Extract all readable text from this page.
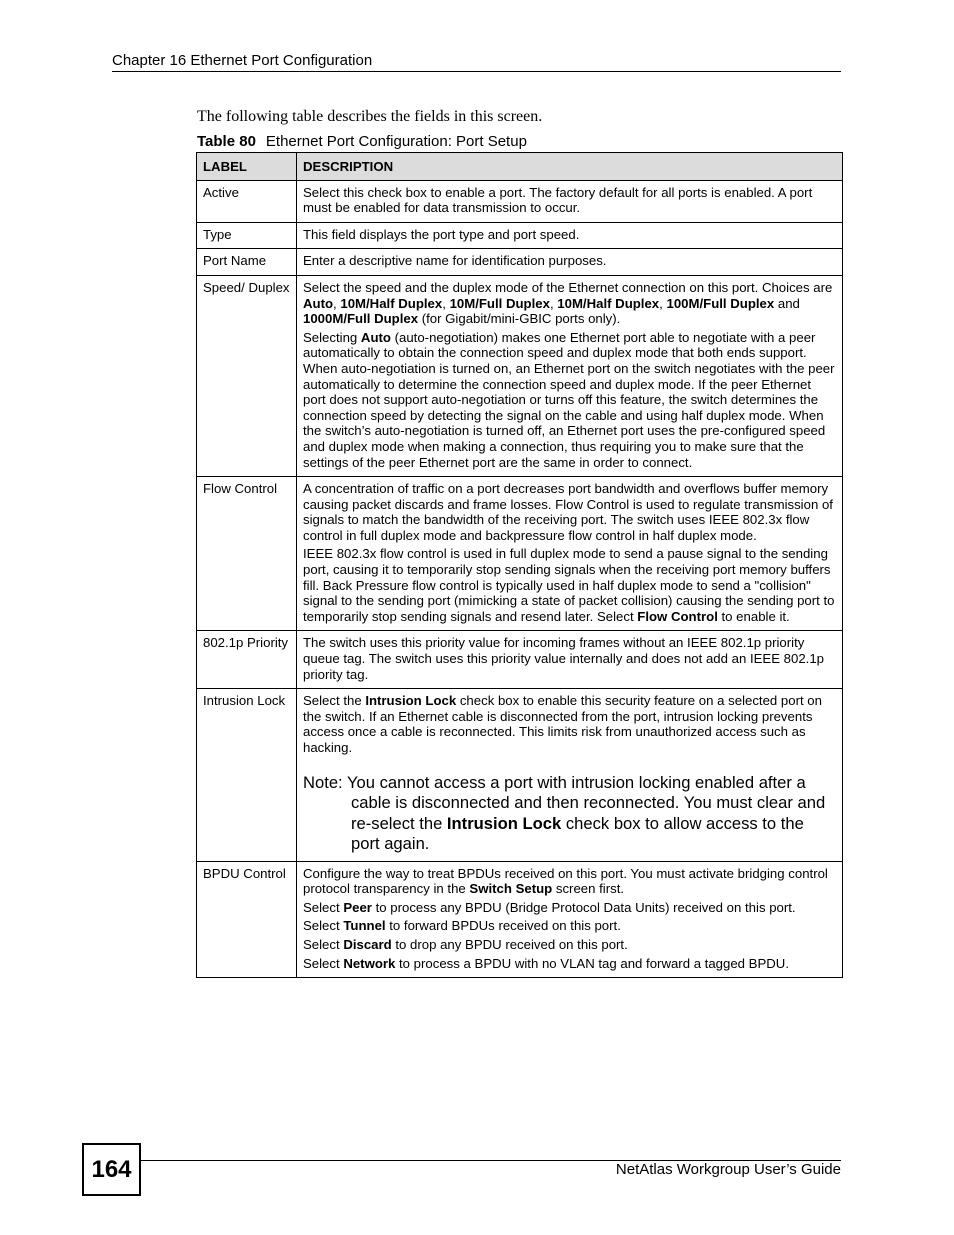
Chapter 16 Ethernet Port Configuration
The following table describes the fields in this screen.
Table 80 Ethernet Port Configuration: Port Setup
LABEL	DESCRIPTION
Active	Select this check box to enable a port. The factory default for all ports is enabled. A port must be enabled for data transmission to occur.

Type	This field displays the port type and port speed.

Port Name	Enter a descriptive name for identification purposes.

Speed/ Duplex	Select the speed and the duplex mode of the Ethernet connection on this port. Choices are Auto, 10M/Half Duplex, 10M/Full Duplex, 10M/Half Duplex, 100M/Full Duplex and 1000M/Full Duplex (for Gigabit/mini-GBIC ports only).
Selecting Auto (auto-negotiation) makes one Ethernet port able to negotiate with a peer automatically to obtain the connection speed and duplex mode that both ends support. When auto-negotiation is turned on, an Ethernet port on the switch negotiates with the peer automatically to determine the connection speed and duplex mode. If the peer Ethernet port does not support auto-negotiation or turns off this feature, the switch determines the connection speed by detecting the signal on the cable and using half duplex mode. When the switch’s auto-negotiation is turned off, an Ethernet port uses the pre-configured speed and duplex mode when making a connection, thus requiring you to make sure that the settings of the peer Ethernet port are the same in order to connect.

Flow Control	A concentration of traffic on a port decreases port bandwidth and overflows buffer memory causing packet discards and frame losses. Flow Control is used to regulate transmission of signals to match the bandwidth of the receiving port. The switch uses IEEE 802.3x flow control in full duplex mode and backpressure flow control in half duplex mode.
IEEE 802.3x flow control is used in full duplex mode to send a pause signal to the sending port, causing it to temporarily stop sending signals when the receiving port memory buffers fill. Back Pressure flow control is typically used in half duplex mode to send a "collision" signal to the sending port (mimicking a state of packet collision) causing the sending port to temporarily stop sending signals and resend later. Select Flow Control to enable it.

802.1p Priority	The switch uses this priority value for incoming frames without an IEEE 802.1p priority queue tag. The switch uses this priority value internally and does not add an IEEE 802.1p priority tag.

Intrusion Lock	Select the Intrusion Lock check box to enable this security feature on a selected port on the switch. If an Ethernet cable is disconnected from the port, intrusion locking prevents access once a cable is reconnected. This limits risk from unauthorized access such as hacking.
Note: You cannot access a port with intrusion locking enabled after a cable is disconnected and then reconnected. You must clear and re-select the Intrusion Lock check box to allow access to the port again.

BPDU Control	Configure the way to treat BPDUs received on this port. You must activate bridging control protocol transparency in the Switch Setup screen first.
Select Peer to process any BPDU (Bridge Protocol Data Units) received on this port.
Select Tunnel to forward BPDUs received on this port.
Select Discard to drop any BPDU received on this port.
Select Network to process a BPDU with no VLAN tag and forward a tagged BPDU.
164	NetAtlas Workgroup User’s Guide
